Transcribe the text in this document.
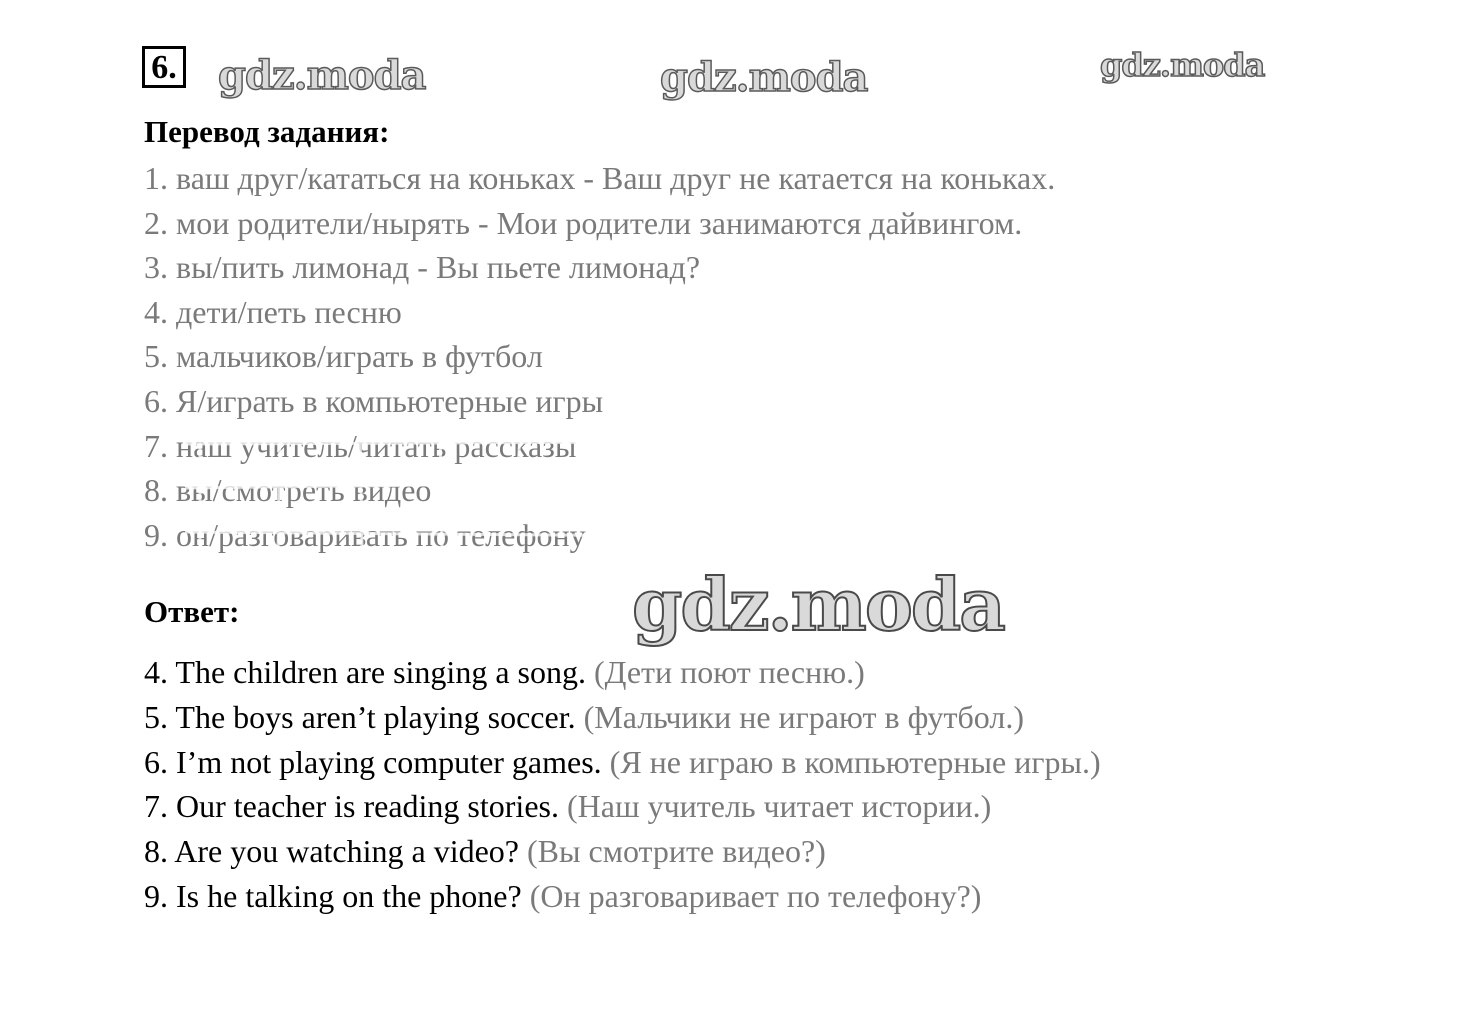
6. gdz.moda	gdz.moda	gdz.moda
Перевод задания:
1. ваш друг/кататься на коньках - Ваш друг не катается на коньках.
2. мои родители/нырять - Мои родители занимаются дайвингом.
3. вы/пить лимонад - Вы пьете лимонад?
4. дети/петь песню
5. мальчиков/играть в футбол
6. Я/играть в компьютерные игры
7. наш учитель/читать рассказы
8. вы/смотреть видео
9. он/разговаривать по телефону
Ответ:	gdz.moda
4. The children are singing a song. (Дети поют песню.)
5. The boys aren’t playing soccer. (Мальчики не играют в футбол.)
6. I’m not playing computer games. (Я не играю в компьютерные игры.)
7. Our teacher is reading stories. (Наш учитель читает истории.)
8. Are you watching a video? (Вы смотрите видео?)
9. Is he talking on the phone? (Он разговаривает по телефону?)
